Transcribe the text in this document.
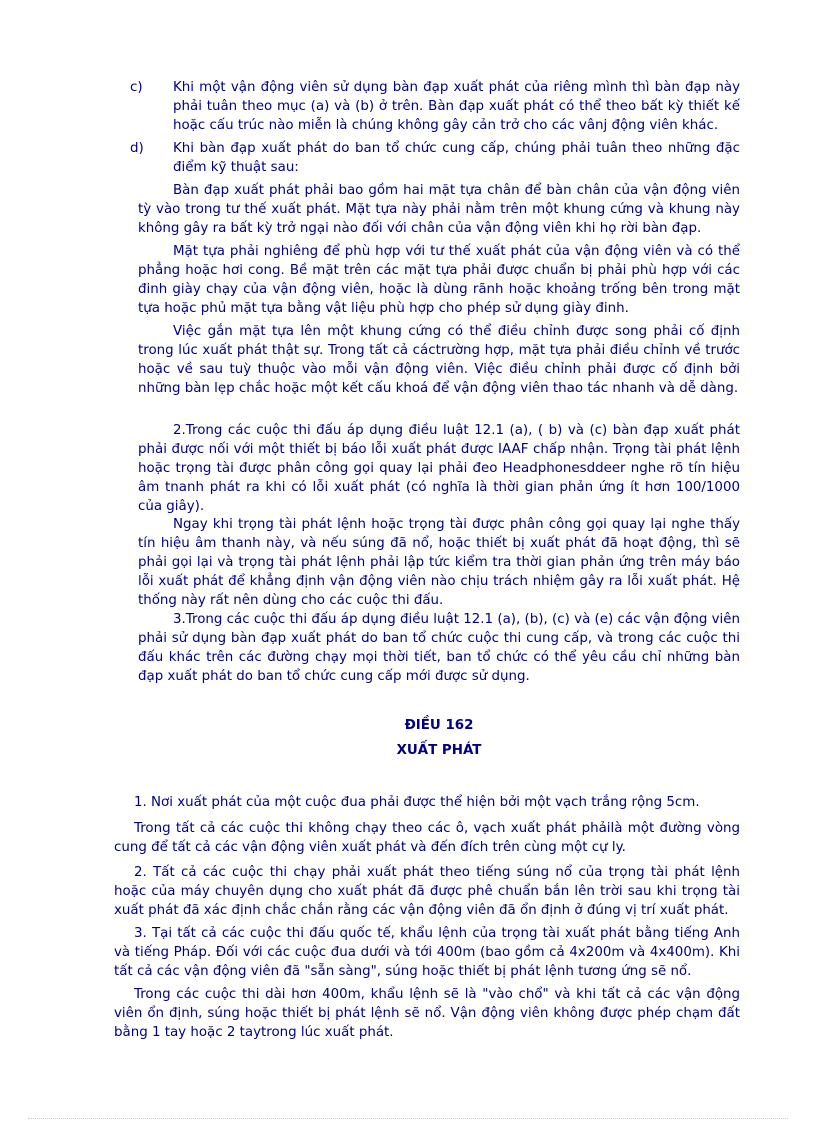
c)	Khi một vận động viên sử dụng bàn đạp xuất phát của riêng mình thì bàn đạp này phải tuân theo mục (a) và (b) ở trên. Bàn đạp xuất phát có thể theo bất kỳ thiết kế hoặc cấu trúc nào miễn là chúng không gây cản trở cho các vânj động viên khác.
d)	Khi bàn đạp xuất phát do ban tổ chức cung cấp, chúng phải tuân theo những đặc điểm kỹ thuật sau:
Bàn đạp xuất phát phải bao gồm hai mặt tựa chân để bàn chân của vận động viên tỳ vào trong tư thế xuất phát. Mặt tựa này phải nằm trên một khung cứng và khung này không gây ra bất kỳ trở ngại nào đối với chân của vận động viên khi họ rời bàn đạp.
Mặt tựa phải nghiêng để phù hợp với tư thế xuất phát của vận động viên và có thể phẳng hoặc hơi cong. Bề mặt trên các mặt tựa phải được chuẩn bị phải phù hợp với các đinh giày chạy của vận động viên, hoặc là dùng rãnh hoặc khoảng trống bên trong mặt tựa hoặc phủ mặt tựa bằng vật liệu phù hợp cho phép sử dụng giày đinh.
Việc gắn mặt tựa lên một khung cứng có thể điều chỉnh được song phải cố định trong lúc xuất phát thật sự. Trong tất cả cáctrường hợp, mặt tựa phải điều chỉnh về trước hoặc về sau tuỳ thuộc vào mỗi vận động viên. Việc điều chỉnh phải được cố định bởi những bàn lẹp chắc hoặc một kết cấu khoá để vận động viên thao tác nhanh và dễ dàng.
2.Trong các cuộc thi đấu áp dụng điều luật 12.1 (a), ( b) và (c) bàn đạp xuất phát phải được nối với một thiết bị báo lỗi xuất phát được IAAF chấp nhận. Trọng tài phát lệnh hoặc trọng tài được phân công gọi quay lại phải đeo Headphonesddeer nghe rõ tín hiệu âm tnanh phát ra khi có lỗi xuất phát (có nghĩa là thời gian phản ứng ít hơn 100/1000 của giây).
Ngay khi trọng tài phát lệnh hoặc trọng tài được phân công gọi quay lại nghe thấy tín hiệu âm thanh này, và nếu súng đã nổ, hoặc thiết bị xuất phát đã hoạt động, thì sẽ phải gọi lại và trọng tài phát lệnh phải lập tức kiểm tra thời gian phản ứng trên máy báo lỗi xuất phát để khẳng định vận động viên nào chịu trách nhiệm gây ra lỗi xuất phát. Hệ thống này rất nên dùng cho các cuộc thi đấu.
3.Trong các cuộc thi đấu áp dụng điều luật 12.1 (a), (b), (c) và (e) các vận động viên phải sử dụng bàn đạp xuất phát do ban tổ chức cuộc thi cung cấp, và trong các cuộc thi đấu khác trên các đường chạy mọi thời tiết, ban tổ chức có thể yêu cầu chỉ những bàn đạp xuất phát do ban tổ chức cung cấp mới được sử dụng.
ĐIỀU 162
XUẤT PHÁT
1. Nơi xuất phát của một cuộc đua phải được thể hiện bởi một vạch trắng rộng 5cm.
Trong tất cả các cuộc thi không chạy theo các ô, vạch xuất phát phảilà một đường vòng cung để tất cả các vận động viên xuất phát và đến đích trên cùng một cự ly.
2. Tất cả các cuộc thi chạy phải xuất phát theo tiếng súng nổ của trọng tài phát lệnh hoặc của máy chuyên dụng cho xuất phát đã được phê chuẩn bắn lên trời sau khi trọng tài xuất phát đã xác định chắc chắn rằng các vận động viên đã ổn định ở đúng vị trí xuất phát.
3. Tại tất cả các cuộc thi đấu quốc tế, khẩu lệnh của trọng tài xuất phát bằng tiếng Anh và tiếng Pháp. Đối với các cuộc đua dưới và tới 400m (bao gồm cả 4x200m và 4x400m). Khi tất cả các vận động viên đã "sẵn sàng", súng hoặc thiết bị phát lệnh tương ứng sẽ nổ.
Trong các cuộc thi dài hơn 400m, khẩu lệnh sẽ là "vào chổ" và khi tất cả các vận động viên ổn định, súng hoặc thiết bị phát lệnh sẽ nổ. Vận động viên không được phép chạm đất bằng 1 tay hoặc 2 taytrong lúc xuất phát.
